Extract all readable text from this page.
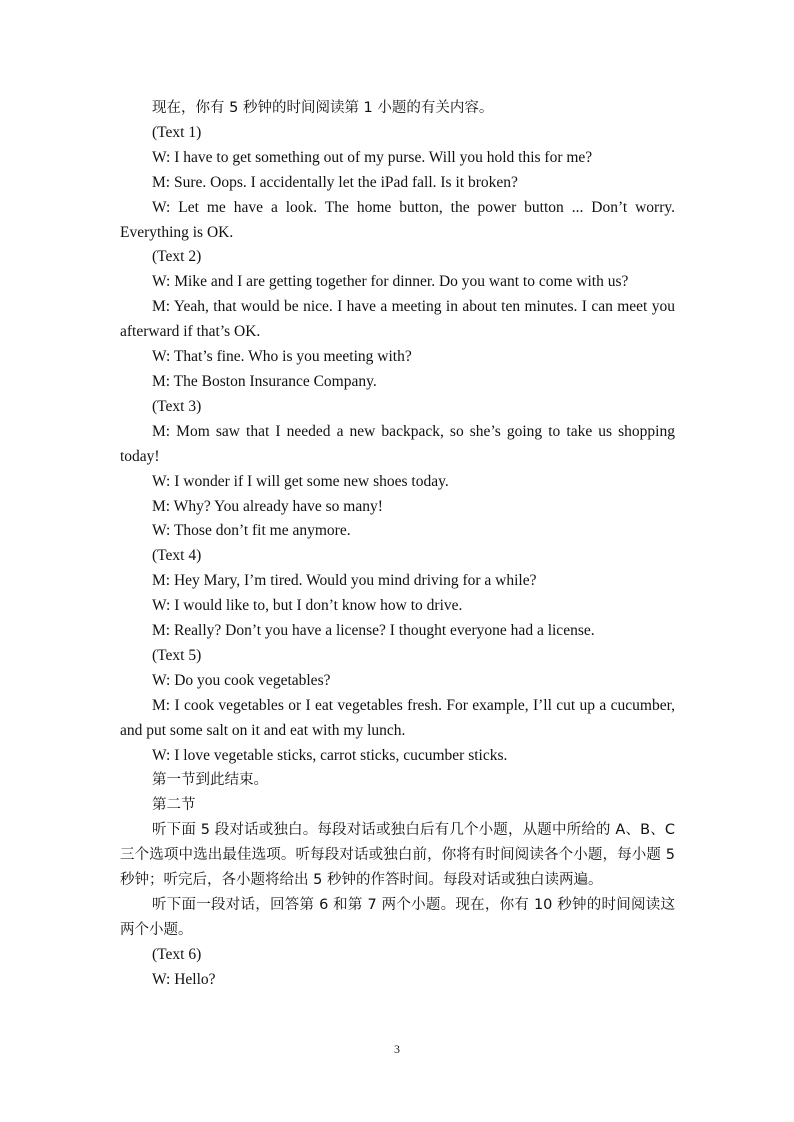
现在，你有 5 秒钟的时间阅读第 1 小题的有关内容。

(Text 1)

W: I have to get something out of my purse. Will you hold this for me?

M: Sure. Oops. I accidentally let the iPad fall. Is it broken?

W: Let me have a look. The home button, the power button ... Don’t worry. Everything is OK.

(Text 2)

W: Mike and I are getting together for dinner. Do you want to come with us?

M: Yeah, that would be nice. I have a meeting in about ten minutes. I can meet you afterward if that’s OK.

W: That’s fine. Who is you meeting with?

M: The Boston Insurance Company.

(Text 3)

M: Mom saw that I needed a new backpack, so she’s going to take us shopping today!

W: I wonder if I will get some new shoes today.

M: Why? You already have so many!

W: Those don’t fit me anymore.

(Text 4)

M: Hey Mary, I’m tired. Would you mind driving for a while?

W: I would like to, but I don’t know how to drive.

M: Really? Don’t you have a license? I thought everyone had a license.

(Text 5)

W: Do you cook vegetables?

M: I cook vegetables or I eat vegetables fresh. For example, I’ll cut up a cucumber, and put some salt on it and eat with my lunch.

W: I love vegetable sticks, carrot sticks, cucumber sticks.

第一节到此结束。

第二节

听下面 5 段对话或独白。每段对话或独白后有几个小题，从题中所给的 A、B、C 三个选项中选出最佳选项。听每段对话或独白前，你将有时间阅读各个小题，每小题 5 秒钟；听完后，各小题将给出 5 秒钟的作答时间。每段对话或独白读两遍。

听下面一段对话，回答第 6 和第 7 两个小题。现在，你有 10 秒钟的时间阅读这两个小题。

(Text 6)

W: Hello?

3
